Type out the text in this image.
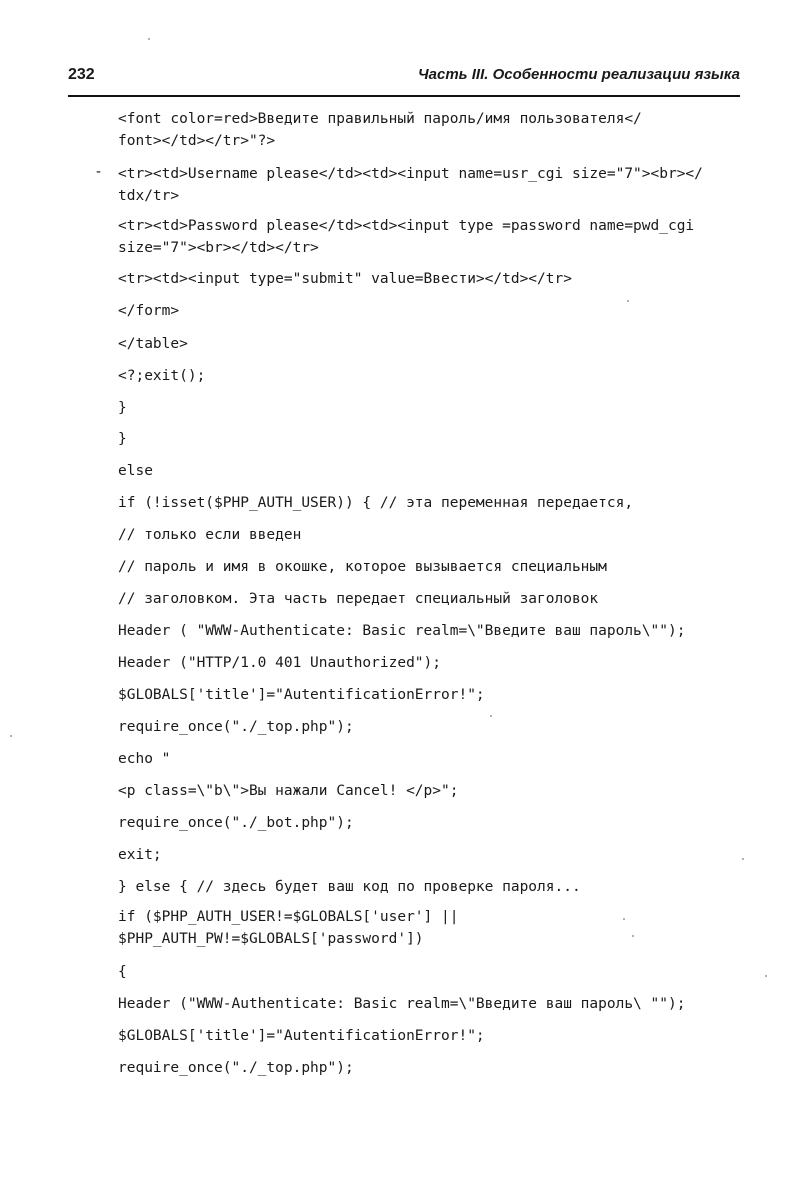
232	Часть III. Особенности реализации языка
-
<font color=red>Введите правильный пароль/имя пользователя</
font></td></tr>"?>
<tr><td>Username please</td><td><input name=usr_cgi size="7"><br></
tdx/tr>
<tr><td>Password please</td><td><input type =password name=pwd_cgi
size="7"><br></td></tr>
<tr><td><input type="submit" value=Ввести></td></tr>
</form>
</table>
<?;exit();
}
}
else
if (!isset($PHP_AUTH_USER)) { // эта переменная передается,
// только если введен
// пароль и имя в окошке, которое вызывается специальным
// заголовком. Эта часть передает специальный заголовок
Header ( "WWW-Authenticate: Basic realm=\"Введите ваш пароль\"");
Header ("HTTP/1.0 401 Unauthorized");
$GLOBALS['title']="AutentificationError!";
require_once("./_top.php");
echo "
<p class=\"b\">Вы нажали Cancel! </p>";
require_once("./_bot.php");
exit;
} else { // здесь будет ваш код по проверке пароля...
if ($PHP_AUTH_USER!=$GLOBALS['user'] ||
$PHP_AUTH_PW!=$GLOBALS['password'])
{
Header ("WWW-Authenticate: Basic realm=\"Введите ваш пароль\ "");
$GLOBALS['title']="AutentificationError!";
require_once("./_top.php");
